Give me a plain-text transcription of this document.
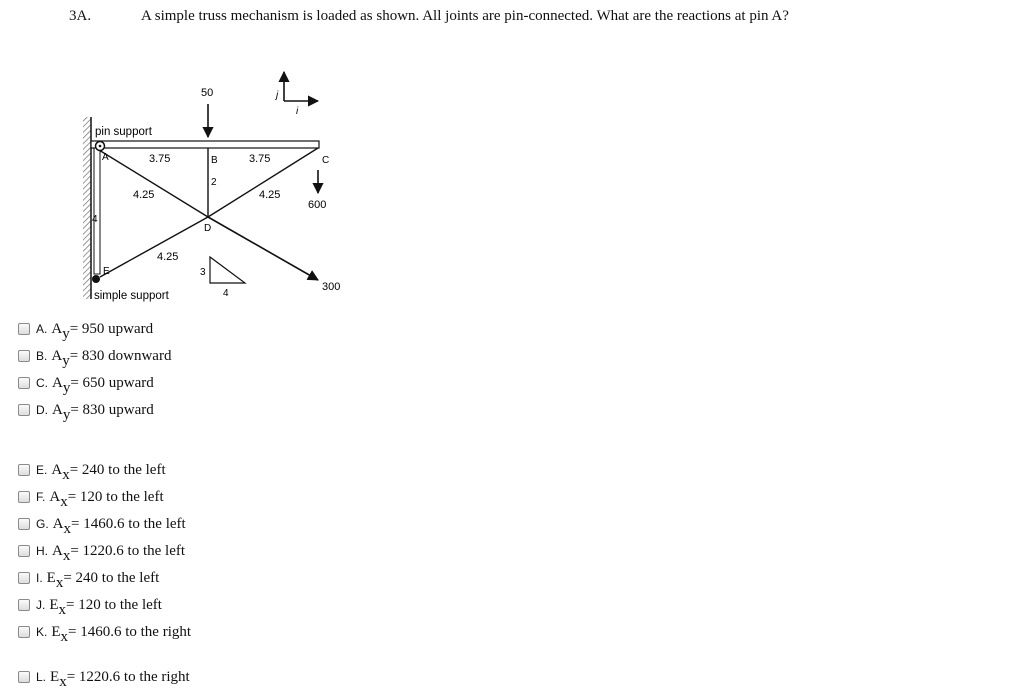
3A.	A simple truss mechanism is loaded as shown. All joints are pin-connected. What are the reactions at pin A?
pin support
simple support
50
600
300
A	B	C
D
E
3.75	3.75
4.25	4.25
4.25
4
2
3
4
j
i
A. A y = 950 upward
B. A y = 830 downward
C. A y = 650 upward
D. A y = 830 upward
E. A x = 240 to the left
F. A x = 120 to the left
G. A x = 1460.6 to the left
H. A x = 1220.6 to the left
I. E x = 240 to the left
J. E x = 120 to the left
K. E x = 1460.6 to the right
L. E x = 1220.6 to the right
